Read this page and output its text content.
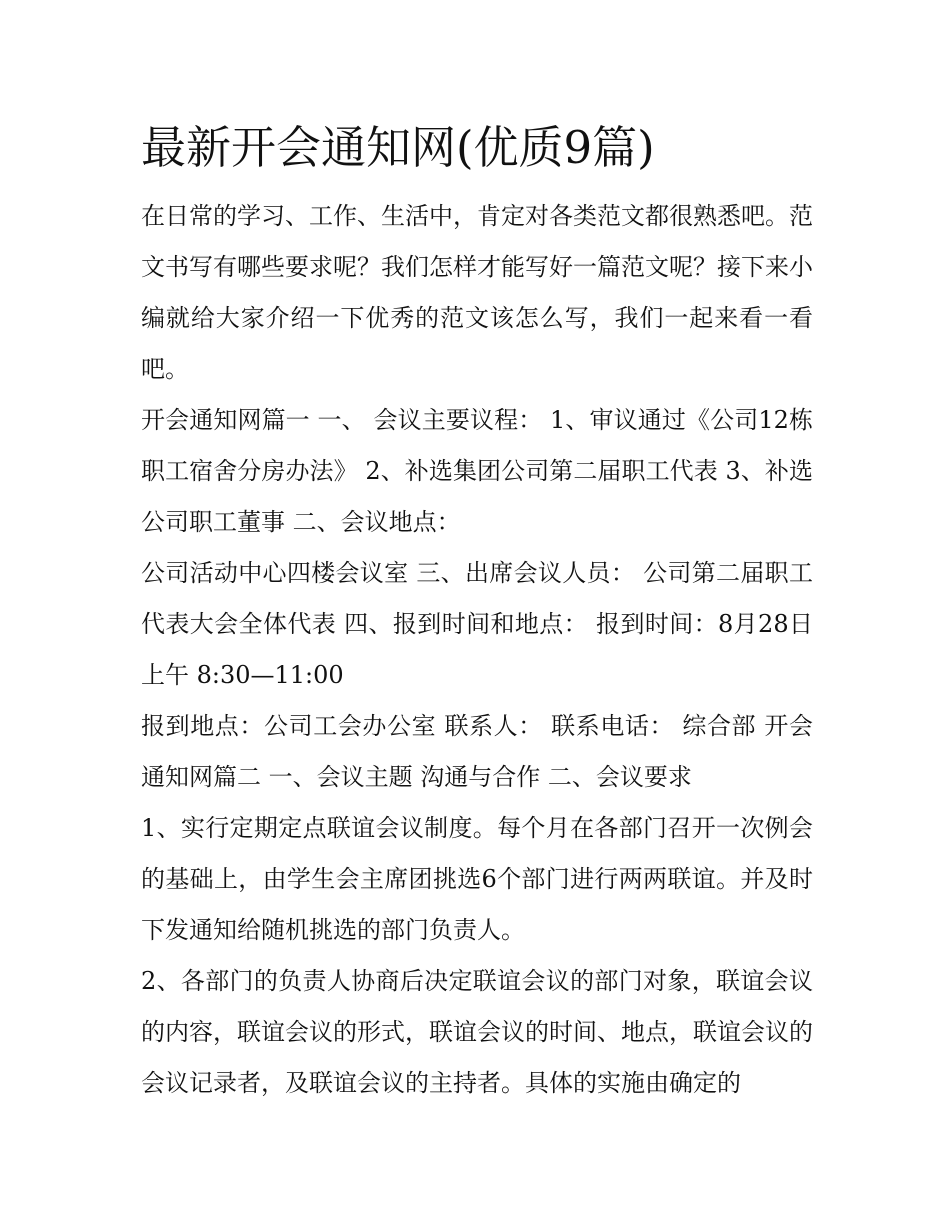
最新开会通知网(优质9篇)

在日常的学习、工作、生活中，肯定对各类范文都很熟悉吧。范文书写有哪些要求呢？我们怎样才能写好一篇范文呢？接下来小编就给大家介绍一下优秀的范文该怎么写，我们一起来看一看吧。

开会通知网篇一 一、 会议主要议程： 1、审议通过《公司12栋职工宿舍分房办法》 2、补选集团公司第二届职工代表 3、补选公司职工董事 二、会议地点：

公司活动中心四楼会议室 三、出席会议人员： 公司第二届职工代表大会全体代表 四、报到时间和地点： 报到时间：8月28日上午 8:30—11:00

报到地点：公司工会办公室 联系人： 联系电话： 综合部 开会通知网篇二 一、会议主题 沟通与合作 二、会议要求

1、实行定期定点联谊会议制度。每个月在各部门召开一次例会的基础上，由学生会主席团挑选6个部门进行两两联谊。并及时下发通知给随机挑选的部门负责人。

2、各部门的负责人协商后决定联谊会议的部门对象，联谊会议的内容，联谊会议的形式，联谊会议的时间、地点，联谊会议的会议记录者，及联谊会议的主持者。具体的实施由确定的
